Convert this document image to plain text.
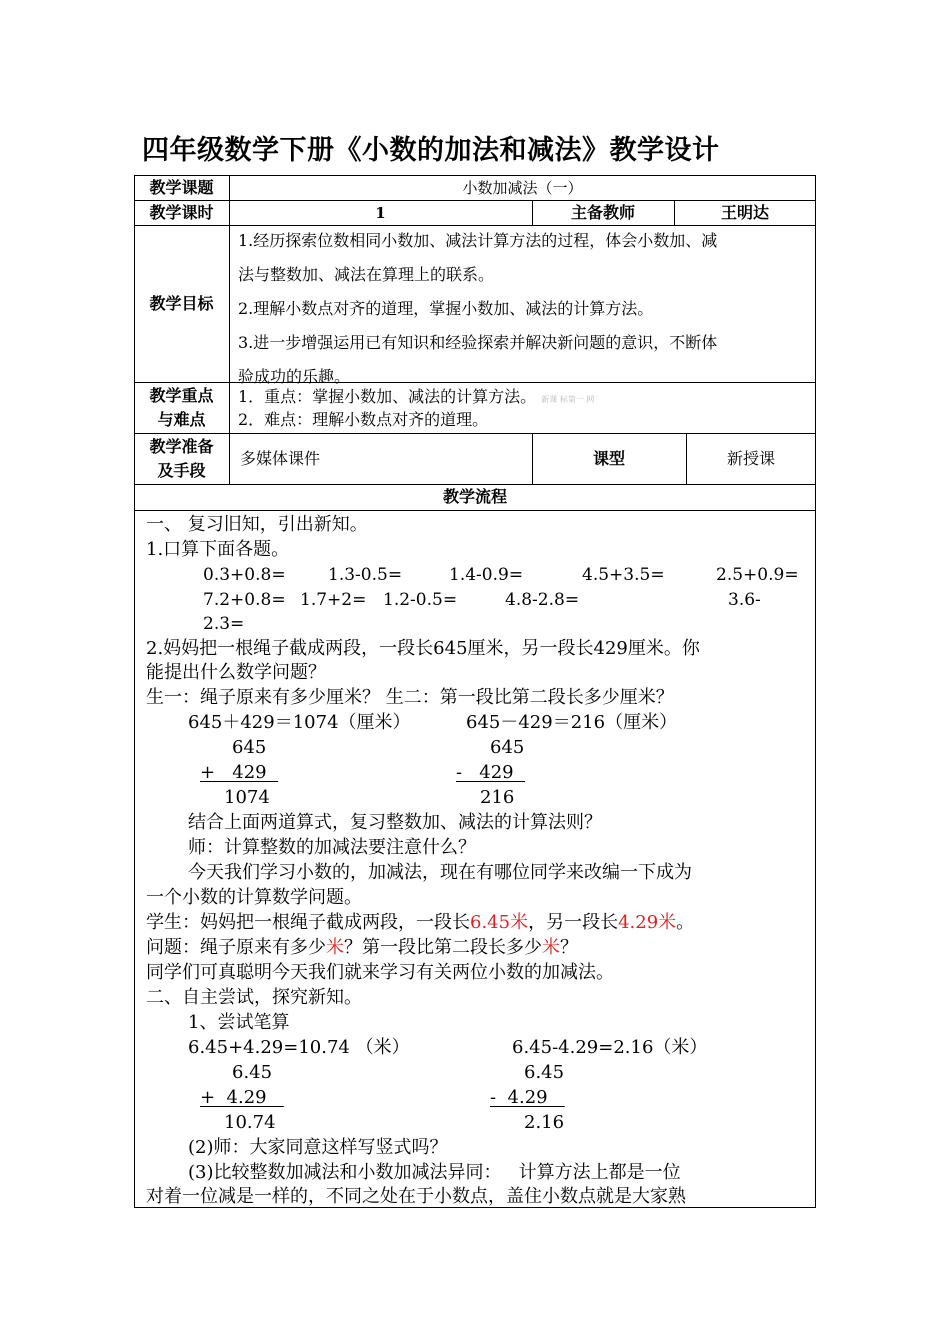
四年级数学下册《小数的加法和减法》教学设计
教学课题	小数加减法（一）
教学课时	1	主备教师	王明达
教学目标
1.经历探索位数相同小数加、减法计算方法的过程，体会小数加、减
法与整数加、减法在算理上的联系。
2.理解小数点对齐的道理，掌握小数加、减法的计算方法。
3.进一步增强运用已有知识和经验探索并解决新问题的意识，不断体
验成功的乐趣。
教学重点
与难点
1．重点：掌握小数加、减法的计算方法。 新课 标第一 网
2．难点：理解小数点对齐的道理。
教学准备
及手段
多媒体课件	课型	新授课
教学流程
一、 复习旧知，引出新知。
1.口算下面各题。
0.3+0.8= 1.3-0.5=	1.4-0.9=	4.5+3.5=	2.5+0.9=
7.2+0.8= 1.7+2= 1.2-0.5=	4.8-2.8=	3.6-
2.3=
2.妈妈把一根绳子截成两段，一段长645厘米，另一段长429厘米。你
能提出什么数学问题？
生一：绳子原来有多少厘米？ 生二：第一段比第二段长多少厘米？
645＋429＝1074（厘米）	645－429＝216（厘米）
645
+   429
1074
645
-   429
216
结合上面两道算式，复习整数加、减法的计算法则？
师：计算整数的加减法要注意什么？
今天我们学习小数的，加减法，现在有哪位同学来改编一下成为
一个小数的计算数学问题。
学生：妈妈把一根绳子截成两段，一段长6.45米，另一段长4.29米。
问题：绳子原来有多少米？第一段比第二段长多少米？
同学们可真聪明今天我们就来学习有关两位小数的加减法。
二、自主尝试，探究新知。
1、尝试笔算
6.45+4.29=10.74 （米）	6.45-4.29=2.16（米）
6.45
+  4.29
10.74
6.45
-  4.29
2.16
(2)师：大家同意这样写竖式吗？
(3)比较整数加减法和小数加减法异同：   计算方法上都是一位
对着一位减是一样的，不同之处在于小数点，盖住小数点就是大家熟
